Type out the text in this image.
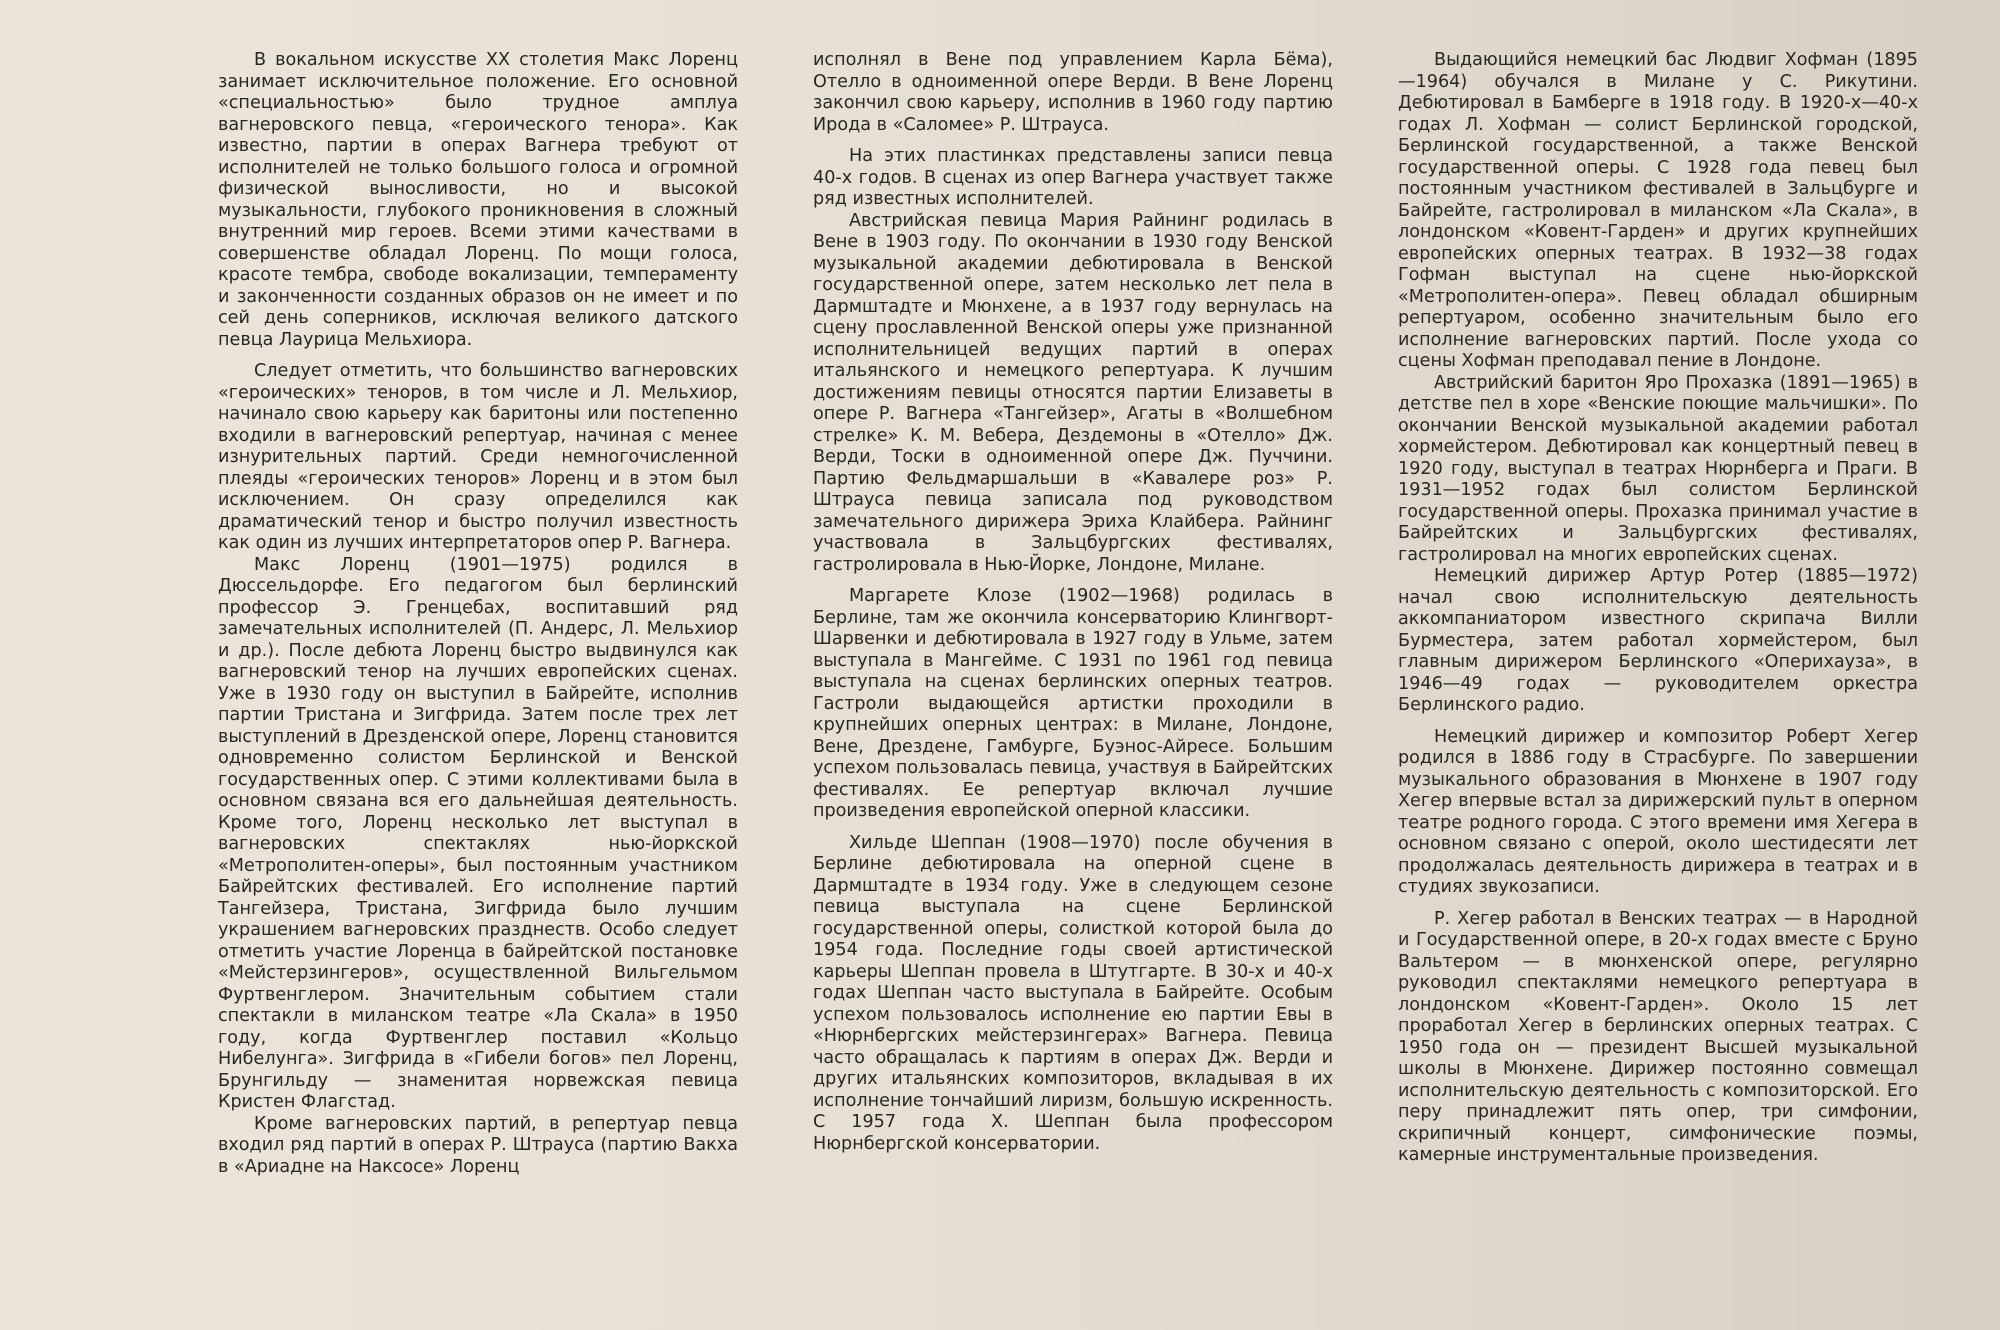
В вокальном искусстве XX столетия Макс Лоренц занимает исключительное положение. Его основной «специальностью» было трудное амплуа вагнеровского певца, «героического тенора». Как известно, партии в операх Вагнера требуют от исполнителей не только большого голоса и огромной физической выносливости, но и высокой музыкальности, глубокого проникновения в сложный внутренний мир героев. Всеми этими качествами в совершенстве обладал Лоренц. По мощи голоса, красоте тембра, свободе вокализации, темпераменту и законченности созданных образов он не имеет и по сей день соперников, исключая великого датского певца Лаурица Мельхиора.

Следует отметить, что большинство вагнеровских «героических» теноров, в том числе и Л. Мельхиор, начинало свою карьеру как баритоны или постепенно входили в вагнеровский репертуар, начиная с менее изнурительных партий. Среди немногочисленной плеяды «героических теноров» Лоренц и в этом был исключением. Он сразу определился как драматический тенор и быстро получил известность как один из лучших интерпретаторов опер Р. Вагнера.

Макс Лоренц (1901—1975) родился в Дюссельдорфе. Его педагогом был берлинский профессор Э. Гренцебах, воспитавший ряд замечательных исполнителей (П. Андерс, Л. Мельхиор и др.). После дебюта Лоренц быстро выдвинулся как вагнеровский тенор на лучших европейских сценах. Уже в 1930 году он выступил в Байрейте, исполнив партии Тристана и Зигфрида. Затем после трех лет выступлений в Дрезденской опере, Лоренц становится одновременно солистом Берлинской и Венской государственных опер. С этими коллективами была в основном связана вся его дальнейшая деятельность. Кроме того, Лоренц несколько лет выступал в вагнеровских спектаклях нью-йоркской «Метрополитен-оперы», был постоянным участником Байрейтских фестивалей. Его исполнение партий Тангейзера, Тристана, Зигфрида было лучшим украшением вагнеровских празднеств. Особо следует отметить участие Лоренца в байрейтской постановке «Мейстерзингеров», осуществленной Вильгельмом Фуртвенглером. Значительным событием стали спектакли в миланском театре «Ла Скала» в 1950 году, когда Фуртвенглер поставил «Кольцо Нибелунга». Зигфрида в «Гибели богов» пел Лоренц, Брунгильду — знаменитая норвежская певица Кристен Флагстад.

Кроме вагнеровских партий, в репертуар певца входил ряд партий в операх Р. Штрауса (партию Вакха в «Ариадне на Наксосе» Лоренц

исполнял в Вене под управлением Карла Бёма), Отелло в одноименной опере Верди. В Вене Лоренц закончил свою карьеру, исполнив в 1960 году партию Ирода в «Саломее» Р. Штрауса.

На этих пластинках представлены записи певца 40-х годов. В сценах из опер Вагнера участвует также ряд известных исполнителей.

Австрийская певица Мария Райнинг родилась в Вене в 1903 году. По окончании в 1930 году Венской музыкальной академии дебютировала в Венской государственной опере, затем несколько лет пела в Дармштадте и Мюнхене, а в 1937 году вернулась на сцену прославленной Венской оперы уже признанной исполнительницей ведущих партий в операх итальянского и немецкого репертуара. К лучшим достижениям певицы относятся партии Елизаветы в опере Р. Вагнера «Тангейзер», Агаты в «Волшебном стрелке» К. М. Вебера, Дездемоны в «Отелло» Дж. Верди, Тоски в одноименной опере Дж. Пуччини. Партию Фельдмаршальши в «Кавалере роз» Р. Штрауса певица записала под руководством замечательного дирижера Эриха Клайбера. Райнинг участвовала в Зальцбургских фестивалях, гастролировала в Нью-Йорке, Лондоне, Милане.

Маргарете Клозе (1902—1968) родилась в Берлине, там же окончила консерваторию Клингворт-Шарвенки и дебютировала в 1927 году в Ульме, затем выступала в Мангейме. С 1931 по 1961 год певица выступала на сценах берлинских оперных театров. Гастроли выдающейся артистки проходили в крупнейших оперных центрах: в Милане, Лондоне, Вене, Дрездене, Гамбурге, Буэнос-Айресе. Большим успехом пользовалась певица, участвуя в Байрейтских фестивалях. Ее репертуар включал лучшие произведения европейской оперной классики.

Хильде Шеппан (1908—1970) после обучения в Берлине дебютировала на оперной сцене в Дармштадте в 1934 году. Уже в следующем сезоне певица выступала на сцене Берлинской государственной оперы, солисткой которой была до 1954 года. Последние годы своей артистической карьеры Шеппан провела в Штутгарте. В 30-х и 40-х годах Шеппан часто выступала в Байрейте. Особым успехом пользовалось исполнение ею партии Евы в «Нюрнбергских мейстерзингерах» Вагнера. Певица часто обращалась к партиям в операх Дж. Верди и других итальянских композиторов, вкладывая в их исполнение тончайший лиризм, большую искренность. С 1957 года Х. Шеппан была профессором Нюрнбергской консерватории.

Выдающийся немецкий бас Людвиг Хофман (1895—1964) обучался в Милане у С. Рикутини. Дебютировал в Бамберге в 1918 году. В 1920-х—40-х годах Л. Хофман — солист Берлинской городской, Берлинской государственной, а также Венской государственной оперы. С 1928 года певец был постоянным участником фестивалей в Зальцбурге и Байрейте, гастролировал в миланском «Ла Скала», в лондонском «Ковент-Гарден» и других крупнейших европейских оперных театрах. В 1932—38 годах Гофман выступал на сцене нью-йоркской «Метрополитен-опера». Певец обладал обширным репертуаром, особенно значительным было его исполнение вагнеровских партий. После ухода со сцены Хофман преподавал пение в Лондоне.

Австрийский баритон Яро Прохазка (1891—1965) в детстве пел в хоре «Венские поющие мальчишки». По окончании Венской музыкальной академии работал хормейстером. Дебютировал как концертный певец в 1920 году, выступал в театрах Нюрнберга и Праги. В 1931—1952 годах был солистом Берлинской государственной оперы. Прохазка принимал участие в Байрейтских и Зальцбургских фестивалях, гастролировал на многих европейских сценах.

Немецкий дирижер Артур Ротер (1885—1972) начал свою исполнительскую деятельность аккомпаниатором известного скрипача Вилли Бурместера, затем работал хормейстером, был главным дирижером Берлинского «Оперихауза», в 1946—49 годах — руководителем оркестра Берлинского радио.

Немецкий дирижер и композитор Роберт Хегер родился в 1886 году в Страсбурге. По завершении музыкального образования в Мюнхене в 1907 году Хегер впервые встал за дирижерский пульт в оперном театре родного города. С этого времени имя Хегера в основном связано с оперой, около шестидесяти лет продолжалась деятельность дирижера в театрах и в студиях звукозаписи.

Р. Хегер работал в Венских театрах — в Народной и Государственной опере, в 20-х годах вместе с Бруно Вальтером — в мюнхенской опере, регулярно руководил спектаклями немецкого репертуара в лондонском «Ковент-Гарден». Около 15 лет проработал Хегер в берлинских оперных театрах. С 1950 года он — президент Высшей музыкальной школы в Мюнхене. Дирижер постоянно совмещал исполнительскую деятельность с композиторской. Его перу принадлежит пять опер, три симфонии, скрипичный концерт, симфонические поэмы, камерные инструментальные произведения.
